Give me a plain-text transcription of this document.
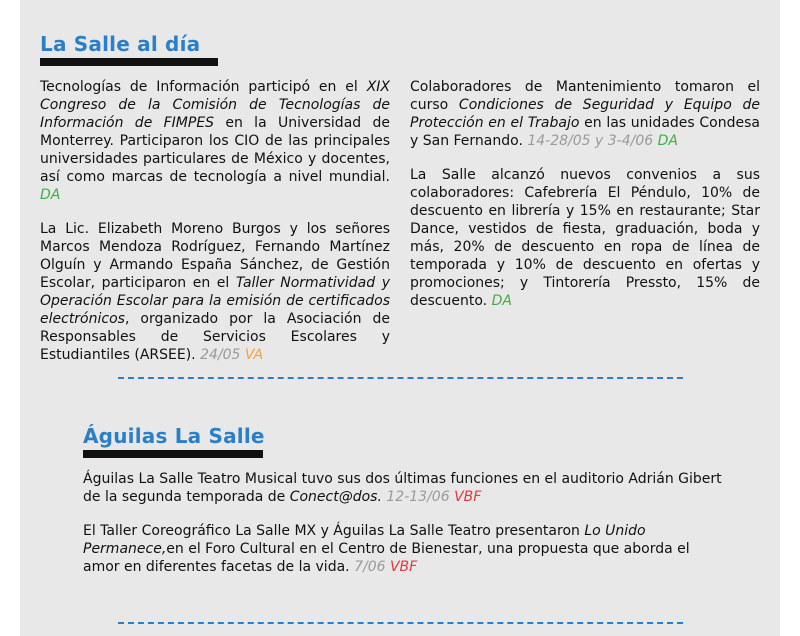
La Salle al día

Tecnologías de Información participó en el XIX Congreso de la Comisión de Tecnologías de Información de FIMPES en la Universidad de Monterrey. Participaron los CIO de las principales universidades particulares de México y docentes, así como marcas de tecnología a nivel mundial. DA

La Lic. Elizabeth Moreno Burgos y los señores Marcos Mendoza Rodríguez, Fernando Martínez Olguín y Armando España Sánchez, de Gestión Escolar, participaron en el Taller Normatividad y Operación Escolar para la emisión de certificados electrónicos, organizado por la Asociación de Responsables de Servicios Escolares y Estudiantiles (ARSEE). 24/05 VA

Colaboradores de Mantenimiento tomaron el curso Condiciones de Seguridad y Equipo de Protección en el Trabajo en las unidades Condesa y San Fernando. 14-28/05 y 3-4/06 DA

La Salle alcanzó nuevos convenios a sus colaboradores: Cafebrería El Péndulo, 10% de descuento en librería y 15% en restaurante; Star Dance, vestidos de fiesta, graduación, boda y más, 20% de descuento en ropa de línea de temporada y 10% de descuento en ofertas y promociones; y Tintorería Pressto, 15% de descuento. DA

Águilas La Salle

Águilas La Salle Teatro Musical tuvo sus dos últimas funciones en el auditorio Adrián Gibert de la segunda temporada de Conect@dos. 12-13/06 VBF

El Taller Coreográfico La Salle MX y Águilas La Salle Teatro presentaron Lo Unido Permanece,en el Foro Cultural en el Centro de Bienestar, una propuesta que aborda el amor en diferentes facetas de la vida. 7/06 VBF
